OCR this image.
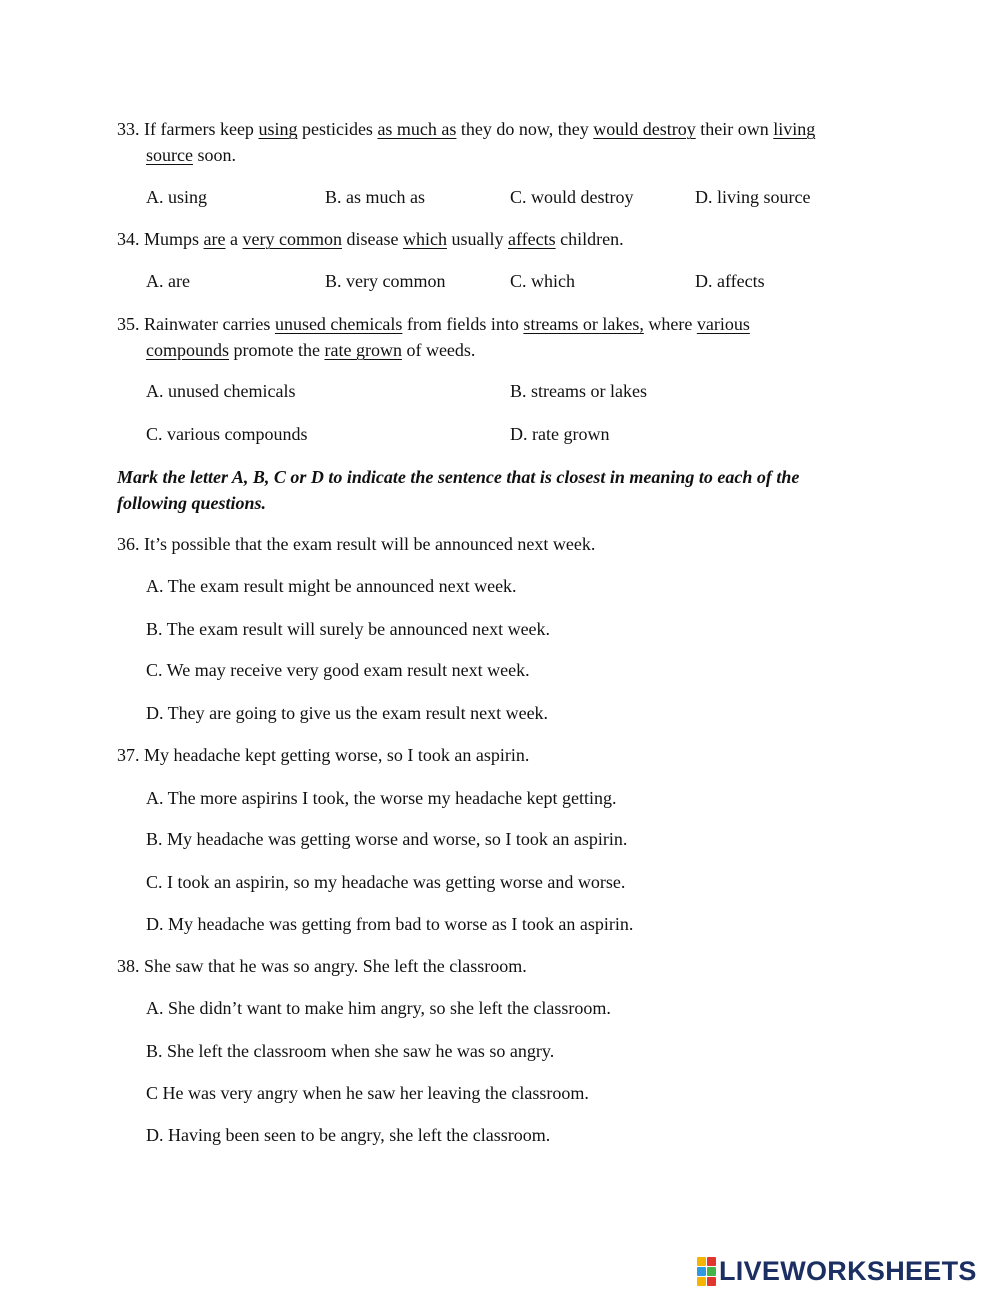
33. If farmers keep using pesticides as much as they do now, they would destroy their own living
source soon.
A. using	B. as much as	C. would destroy	D. living source
34. Mumps are a very common disease which usually affects children.
A. are	B. very common	C. which	D. affects
35. Rainwater carries unused chemicals from fields into streams or lakes, where various
compounds promote the rate grown of weeds.
A. unused chemicals	B. streams or lakes
C. various compounds	D. rate grown
Mark the letter A, B, C or D to indicate the sentence that is closest in meaning to each of the
following questions.
36. It’s possible that the exam result will be announced next week.
A. The exam result might be announced next week.
B. The exam result will surely be announced next week.
C. We may receive very good exam result next week.
D. They are going to give us the exam result next week.
37. My headache kept getting worse, so I took an aspirin.
A. The more aspirins I took, the worse my headache kept getting.
B. My headache was getting worse and worse, so I took an aspirin.
C. I took an aspirin, so my headache was getting worse and worse.
D. My headache was getting from bad to worse as I took an aspirin.
38. She saw that he was so angry. She left the classroom.
A. She didn’t want to make him angry, so she left the classroom.
B. She left the classroom when she saw he was so angry.
C He was very angry when he saw her leaving the classroom.
D. Having been seen to be angry, she left the classroom.
LIVEWORKSHEETS
